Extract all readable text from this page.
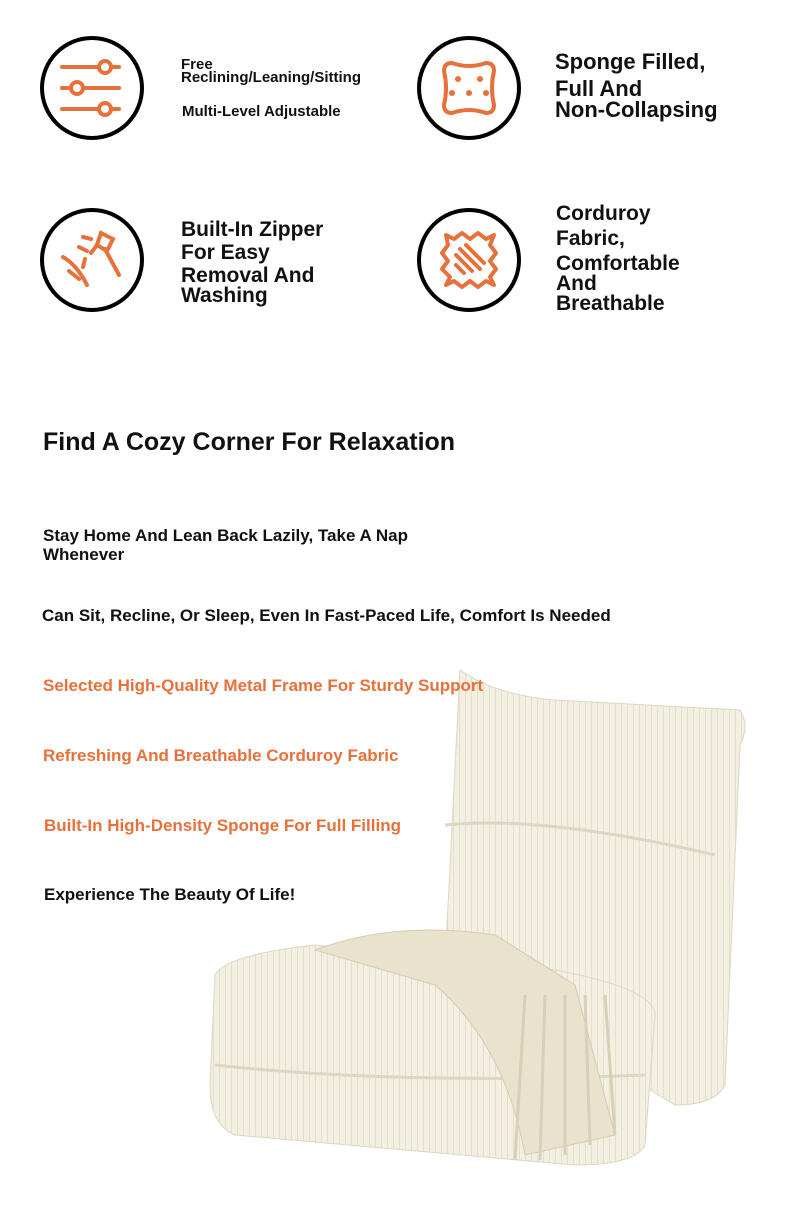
Free
Reclining/Leaning/Sitting
Multi-Level Adjustable
Sponge Filled,
Full And
Non-Collapsing
Built-In Zipper
For Easy
Removal And
Washing
Corduroy
Fabric,
Comfortable
And
Breathable
Find A Cozy Corner For Relaxation
Stay Home And Lean Back Lazily, Take A Nap
Whenever
Can Sit, Recline, Or Sleep, Even In Fast-Paced Life, Comfort Is Needed
Selected High-Quality Metal Frame For Sturdy Support
Refreshing And Breathable Corduroy Fabric
Built-In High-Density Sponge For Full Filling
Experience The Beauty Of Life!
